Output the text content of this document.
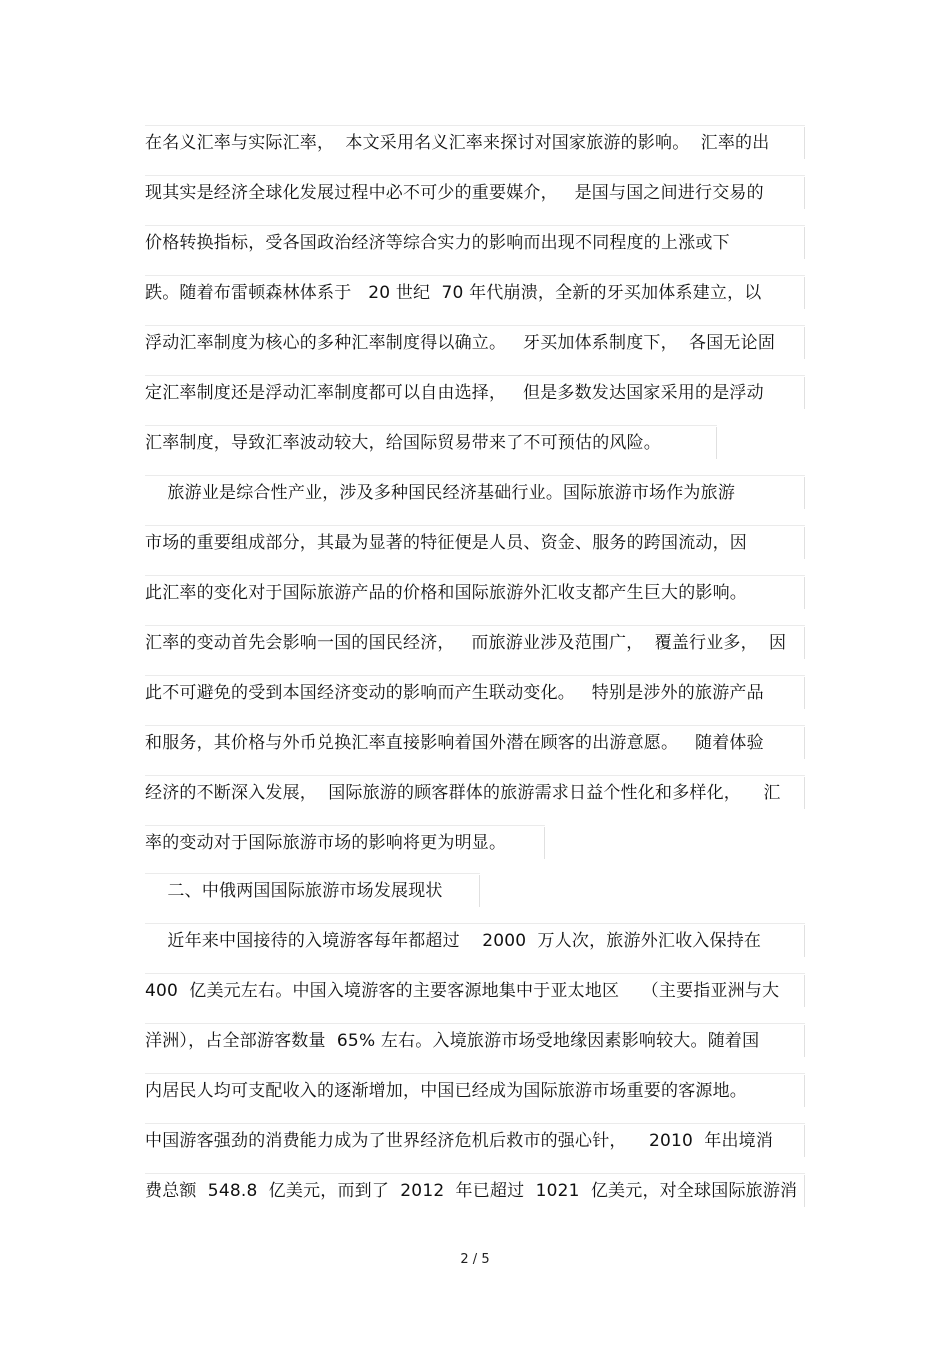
在名义汇率与实际汇率，  本文采用名义汇率来探讨对国家旅游的影响。  汇率的出
现其实是经济全球化发展过程中必不可少的重要媒介，   是国与国之间进行交易的
价格转换指标，受各国政治经济等综合实力的影响而出现不同程度的上涨或下
跌。随着布雷顿森林体系于   20 世纪  70 年代崩溃，全新的牙买加体系建立，以
浮动汇率制度为核心的多种汇率制度得以确立。   牙买加体系制度下，  各国无论固
定汇率制度还是浮动汇率制度都可以自由选择，   但是多数发达国家采用的是浮动
汇率制度，导致汇率波动较大，给国际贸易带来了不可预估的风险。
旅游业是综合性产业，涉及多种国民经济基础行业。国际旅游市场作为旅游
市场的重要组成部分，其最为显著的特征便是人员、资金、服务的跨国流动，因
此汇率的变化对于国际旅游产品的价格和国际旅游外汇收支都产生巨大的影响。
汇率的变动首先会影响一国的国民经济，   而旅游业涉及范围广，  覆盖行业多，  因
此不可避免的受到本国经济变动的影响而产生联动变化。   特别是涉外的旅游产品
和服务，其价格与外币兑换汇率直接影响着国外潜在顾客的出游意愿。   随着体验
经济的不断深入发展，  国际旅游的顾客群体的旅游需求日益个性化和多样化，    汇
率的变动对于国际旅游市场的影响将更为明显。
二、中俄两国国际旅游市场发展现状
近年来中国接待的入境游客每年都超过    2000  万人次，旅游外汇收入保持在
400  亿美元左右。中国入境游客的主要客源地集中于亚太地区    （主要指亚洲与大
洋洲），占全部游客数量  65% 左右。入境旅游市场受地缘因素影响较大。随着国
内居民人均可支配收入的逐渐增加，中国已经成为国际旅游市场重要的客源地。
中国游客强劲的消费能力成为了世界经济危机后救市的强心针，    2010  年出境消
费总额  548.8  亿美元，而到了  2012  年已超过  1021  亿美元，对全球国际旅游消
2 / 5
